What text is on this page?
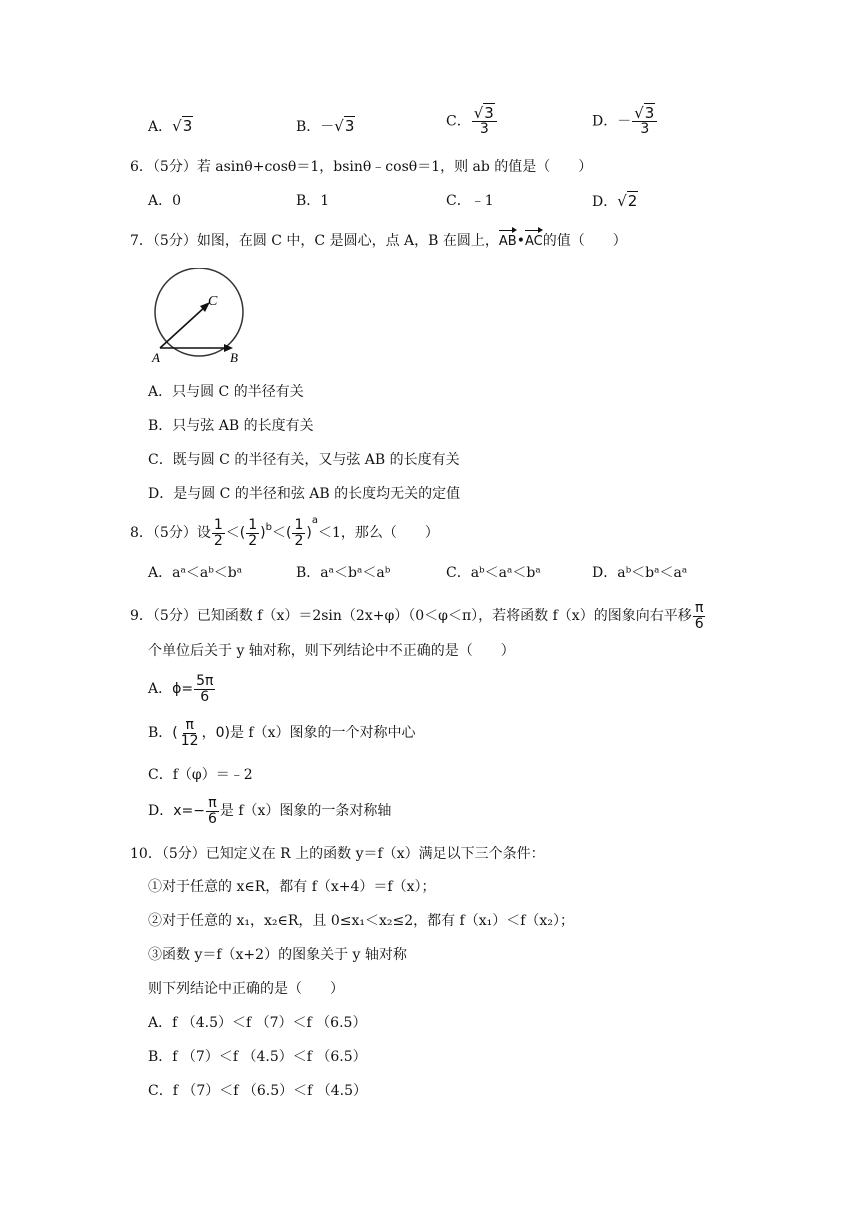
A．√3	B．－√3	C． $\frac{√3}{3}$	D．－ $\frac{√3}{3}$
6．（5分）若 asinθ+cosθ＝1，bsinθ﹣cosθ＝1，则 ab 的值是（　　）
A．0	B．1	C．﹣1	D．√2
7．（5分）如图，在圆 C 中，C 是圆心，点 A，B 在圆上，AB•AC的值（　　）
C
A	B
A．只与圆 C 的半径有关
B．只与弦 AB 的长度有关
C．既与圆 C 的半径有关，又与弦 AB 的长度有关
D．是与圆 C 的半径和弦 AB 的长度均无关的定值
8．（5分）设 $\frac{1}{2}$ ＜( $\frac{1}{2} )^b<( \frac{1}{2} )^a<1$，那么（　　）
A．aᵃ＜aᵇ＜bᵃ	B．aᵃ＜bᵃ＜aᵇ	C．aᵇ＜aᵃ＜bᵃ	D．aᵇ＜bᵃ＜aᵃ
9．（5分）已知函数 f（x）＝2sin（2x+φ）（0＜φ＜π），若将函数 f（x）的图象向右平移 $\frac{\pi}{6}$
个单位后关于 y 轴对称，则下列结论中不正确的是（　　）
A．$\phi= \frac{5\pi}{6}$
B．( $\frac{\pi}{12}$ ，0)是 f（x）图象的一个对称中心
C．f（φ）＝﹣2
D．$x=- \frac{\pi}{6}$ 是 f（x）图象的一条对称轴
10．（5分）已知定义在 R 上的函数 y＝f（x）满足以下三个条件：
①对于任意的 x∈R，都有 f（x+4）＝f（x）；
②对于任意的 x₁，x₂∈R，且 0≤x₁＜x₂≤2，都有 f（x₁）＜f（x₂）；
③函数 y＝f（x+2）的图象关于 y 轴对称
则下列结论中正确的是（　　）
A．f （4.5）＜f （7）＜f （6.5）
B．f （7）＜f （4.5）＜f （6.5）
C．f （7）＜f （6.5）＜f （4.5）
